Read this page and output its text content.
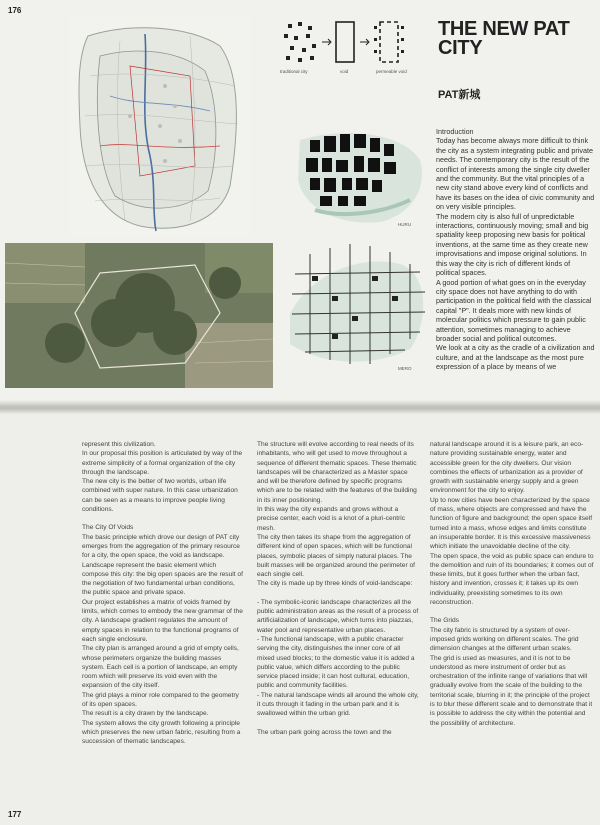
176
traditional city	void	permeable void
THE NEW PAT CITY
PAT新城
HURU
MERO

Introduction

Today has become always more difficult to think the city as a system integrating public and private needs. The contemporary city is the result of the conflict of interests among the single city dweller and the community. But the vital principles of a new city stand above every kind of conflicts and have its bases on the idea of civic community and on very visible principles.

The modern city is also full of unpredictable interactions, continuously moving; small and big spatiality keep proposing new basis for political inventions, at the same time as they create new improvisations and impose original solutions. In this way the city is rich of different kinds of political spaces.

A good portion of what goes on in the everyday city space does not have anything to do with participation in the political field with the classical capital "P". It deals more with new kinds of molecular politics which pressure to gain public attention, sometimes managing to achieve broader social and political outcomes.

We look at a city as the cradle of a civilization and culture, and at the landscape as the most pure expression of a place by means of we

177

represent this civilization.

In our proposal this position is articulated by way of the extreme simplicity of a formal organization of the city through the landscape.

The new city is the better of two worlds, urban life combined with super nature. In this case urbanization can be seen as a means to improve people living conditions.

The City Of Voids

The basic principle which drove our design of PAT city emerges from the aggregation of the primary resource for a city, the open space, the void as landscape.

Landscape represent the basic element which compose this city: the big open spaces are the result of the negotiation of two fundamental urban conditions, the public space and private space.

Our project establishes a matrix of voids framed by limits, which comes to embody the new grammar of the city. A landscape gradient regulates the amount of empty spaces in relation to the functional programs of each single enclosure.

The city plan is arranged around a grid of empty cells, whose perimeters organize the building masses system. Each cell is a portion of landscape, an empty room which will preserve its void even with the expansion of the city itself.

The grid plays a minor role compared to the geometry of its open spaces.

The result is a city drawn by the landscape.

The system allows the city growth following a principle which preserves the new urban fabric, resulting from a succession of thematic landscapes.

The structure will evolve according to real needs of its inhabitants, who will get used to move throughout a sequence of different thematic spaces. These thematic landscapes will be characterized as a Master space and will be therefore defined by specific programs which are to be related with the features of the building in its inner positioning.

In this way the city expands and grows without a precise center, each void is a knot of a pluri-centric mesh.

The city then takes its shape from the aggregation of different kind of open spaces, which will be functional places, symbolic places of simply natural places. The built masses will be organized around the perimeter of each single cell.

The city is made up by three kinds of void-landscape:

- The symbolic-iconic landscape characterizes all the public administration areas as the result of a process of artificialization of landscape, which turns into piazzas, water pool and representative urban places.

- The functional landscape, with a public character serving the city, distinguishes the inner core of all mixed used blocks; to the domestic value it is added a public value, which differs according to the public service placed inside; it can host cultural, education, public and community facilities.

- The natural landscape winds all around the whole city, it cuts through it fading in the urban park and it is swallowed within the urban grid.

The urban park going across the town and the

natural landscape around it is a leisure park, an eco-nature providing sustainable energy, water and accessible green for the city dwellers. Our vision combines the effects of urbanization as a provider of growth with sustainable energy supply and a green environment for the city to enjoy.

Up to now cities have been characterized by the space of mass, where objects are compressed and have the function of figure and background; the open space itself turned into a mass, whose edges and limits constitute an insuperable border. It is this excessive massiveness which initiate the unavoidable decline of the city.

The open space, the void as public space can endure to the demolition and ruin of its boundaries; it comes out of these limits, but it goes further when the urban fact, history and invention, crosses it; it takes up its own individuality, preexisting sometimes to its own reconstruction.

The Grids

The city fabric is structured by a system of over-imposed grids working on different scales. The grid dimension changes at the different urban scales.

The grid is used as measures, and it is not to be understood as mere instrument of order but as orchestration of the infinite range of variations that will gradually evolve from the scale of the building to the territorial scale, blurring in it; the principle of the project is to blur these different scale and to demonstrate that it is possible to address the city within the potential and the possibility of architecture.
